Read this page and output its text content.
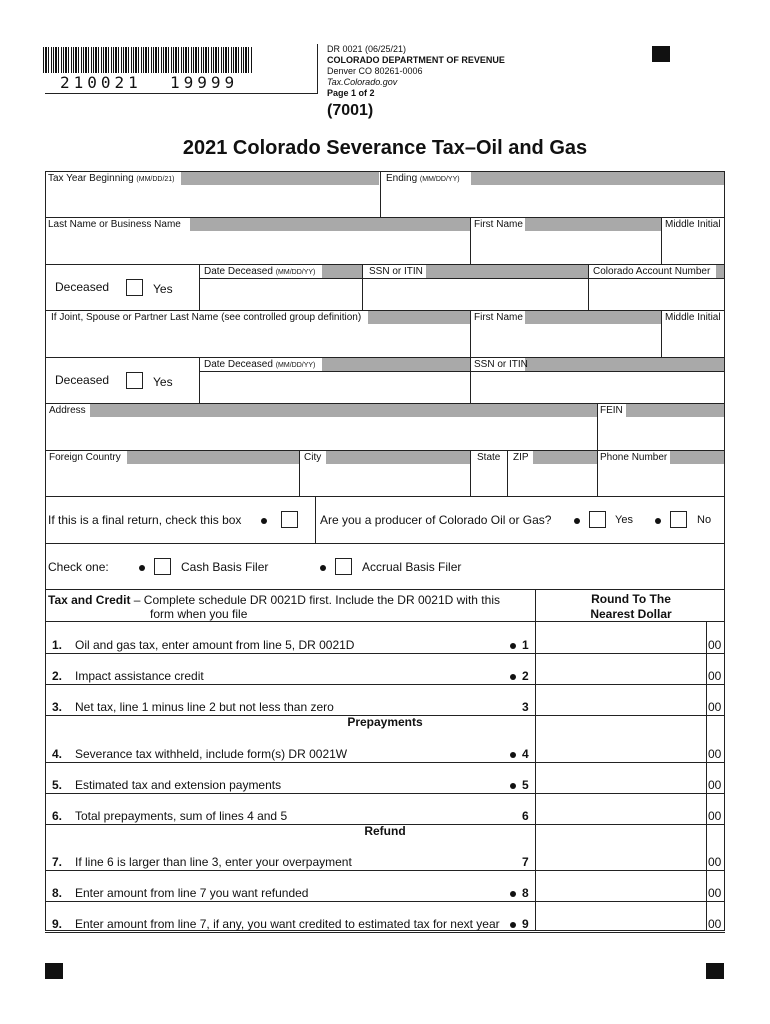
210021 19999
DR 0021 (06/25/21)
COLORADO DEPARTMENT OF REVENUE
Denver CO 80261-0006
Tax.Colorado.gov
Page 1 of 2
(7001)
2021 Colorado Severance Tax–Oil and Gas
Tax Year Beginning (MM/DD/21)	Ending (MM/DD/YY)
Last Name or Business Name	First Name	Middle Initial
Date Deceased (MM/DD/YY)	SSN or ITIN	Colorado Account Number
Deceased	Yes
If Joint, Spouse or Partner Last Name (see controlled group definition)	First Name	Middle Initial
Date Deceased (MM/DD/YY)	SSN or ITIN
Deceased	Yes
Address	FEIN
Foreign Country	City	State ZIP	Phone Number
If this is a final return, check this box	Are you a producer of Colorado Oil or Gas?	Yes	No
Check one:	Cash Basis Filer	Accrual Basis Filer
Tax and Credit – Complete schedule DR 0021D first. Include the DR 0021D with this
form when you file
Round To The
Nearest Dollar
1. Oil and gas tax, enter amount from line 5, DR 0021D	1	00
2. Impact assistance credit	2	00
3. Net tax, line 1 minus line 2 but not less than zero	3	00
4. Severance tax withheld, include form(s) DR 0021W	4	00
5. Estimated tax and extension payments	5	00
6. Total prepayments, sum of lines 4 and 5	6	00
7. If line 6 is larger than line 3, enter your overpayment	7	00
8. Enter amount from line 7 you want refunded	8	00
9. Enter amount from line 7, if any, you want credited to estimated tax for next year 9	00
Prepayments
Refund
